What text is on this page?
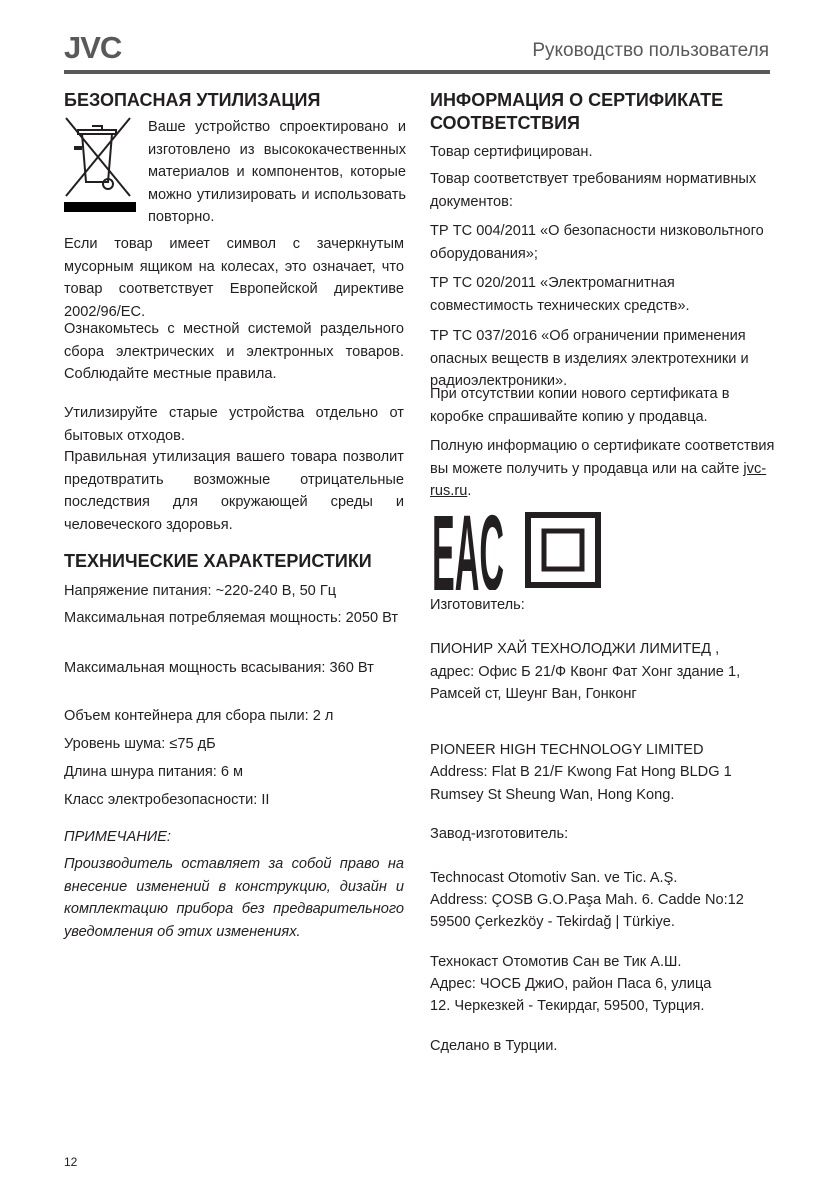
JVC	Руководство пользователя
БЕЗОПАСНАЯ УТИЛИЗАЦИЯ

Ваше устройство спроектировано и изготовлено из высококачественных материалов и компонентов, которые можно утилизировать и использовать повторно.

Если товар имеет символ с зачеркнутым мусорным ящиком на колесах, это означает, что товар соответствует Европейской директиве 2002/96/ЕС.

Ознакомьтесь с местной системой раздельного сбора электрических и электронных товаров. Соблюдайте местные правила.

Утилизируйте старые устройства отдельно от бытовых отходов.

Правильная утилизация вашего товара позволит предотвратить возможные отрицательные последствия для окружающей среды и человеческого здоровья.

ТЕХНИЧЕСКИЕ ХАРАКТЕРИСТИКИ

Напряжение питания: ~220-240 В, 50 Гц

Максимальная потребляемая мощность: 2050 Вт

Максимальная мощность всасывания: 360 Вт

Объем контейнера для сбора пыли: 2 л

Уровень шума: ≤75 дБ

Длина шнура питания: 6 м

Класс электробезопасности: II

ПРИМЕЧАНИЕ:

Производитель оставляет за собой право на внесение изменений в конструкцию, дизайн и комплектацию прибора без предварительного уведомления об этих изменениях.

ИНФОРМАЦИЯ О СЕРТИФИКАТЕ СООТВЕТСТВИЯ

Товар сертифицирован.

Товар соответствует требованиям нормативных документов:

ТР ТС 004/2011 «О безопасности низковольтного оборудования»;

ТР ТС 020/2011 «Электромагнитная совместимость технических средств».

ТР ТС 037/2016 «Об ограничении применения опасных веществ в изделиях электротехники и радиоэлектроники».

При отсутствии копии нового сертификата в коробке спрашивайте копию у продавца.

Полную информацию о сертификате соответствия вы можете получить у продавца или на сайте jvc-rus.ru.

EAC

Изготовитель:

ПИОНИР ХАЙ ТЕХНОЛОДЖИ ЛИМИТЕД , адрес: Офис Б 21/Ф Квонг Фат Хонг здание 1, Рамсей ст, Шеунг Ван, Гонконг

PIONEER HIGH TECHNOLOGY LIMITED

Address: Flat B 21/F Kwong Fat Hong BLDG 1 Rumsey St Sheung Wan, Hong Kong.

Завод-изготовитель:

Technocast Otomotiv San. ve Tic. A.Ş.

Address: ÇOSB G.O.Paşa Mah. 6. Cadde No:12

59500 Çerkezköy - Tekirdağ | Türkiye.

Технокаст Отомотив Сан ве Тик А.Ш.

Адрес: ЧОСБ ДжиО, район Паса 6, улица

12. Черкезкей - Текирдаг, 59500, Турция.

Сделано в Турции.

12
